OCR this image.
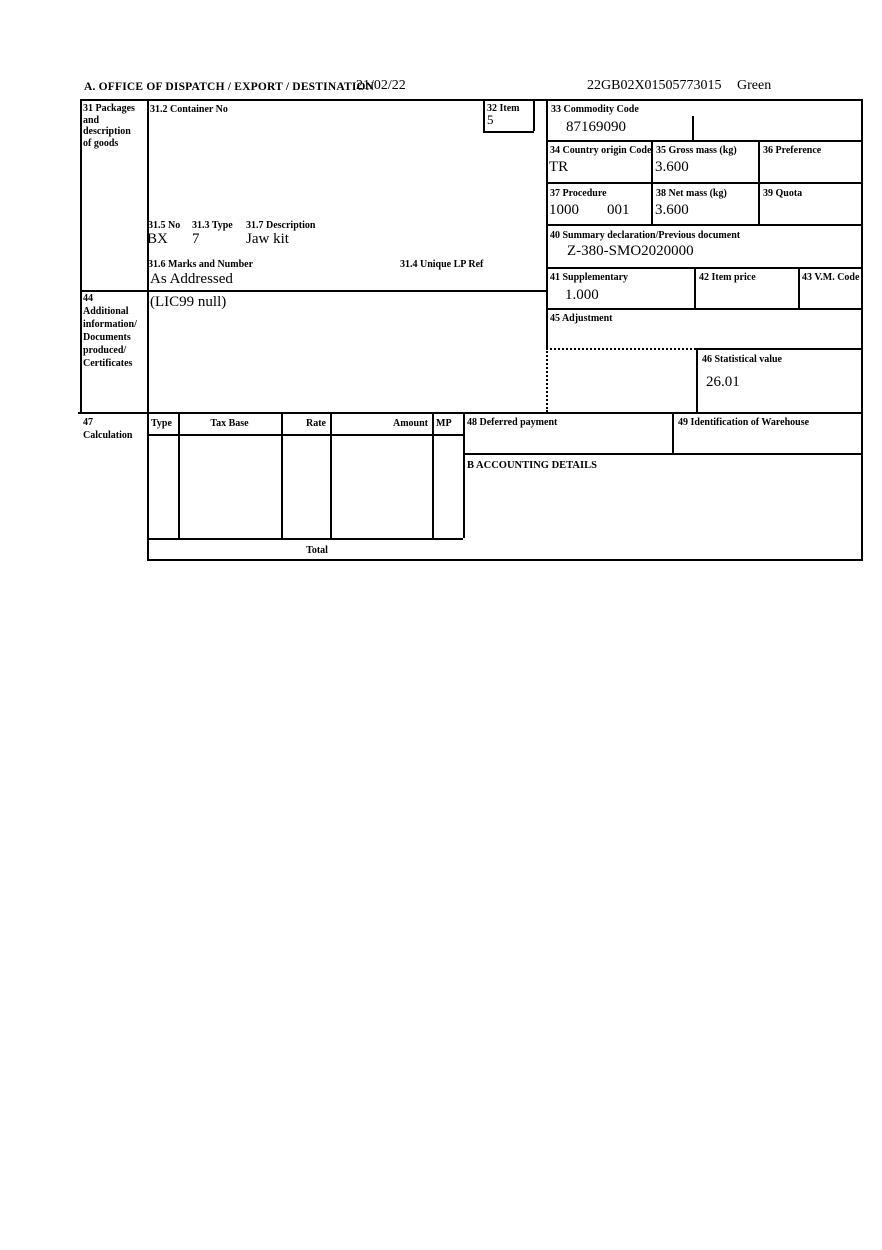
A. OFFICE OF DISPATCH / EXPORT / DESTINATION
21/02/22	22GB02X01505773015 Green
31 Packages
and
description
of goods
31.2 Container No
31.5 No 31.3 Type 31.7 Description
BX 7	Jaw kit
31.6 Marks and Number	31.4 Unique LP Ref
As Addressed
32 Item
5
33 Commodity Code
87169090
34 Country origin Code
TR
35 Gross mass (kg)
3.600
36 Preference
37 Procedure
1000 001
38 Net mass (kg)
3.600
39 Quota
40 Summary declaration/Previous document
Z-380-SMO2020000
41 Supplementary
1.000
42 Item price	43 V.M. Code
44
Additional
information/
Documents
produced/
Certificates
(LIC99 null)
45 Adjustment
46 Statistical value
26.01
47
Calculation
Type	Tax Base	Rate	Amount MP
Total
48 Deferred payment	49 Identification of Warehouse
B ACCOUNTING DETAILS
